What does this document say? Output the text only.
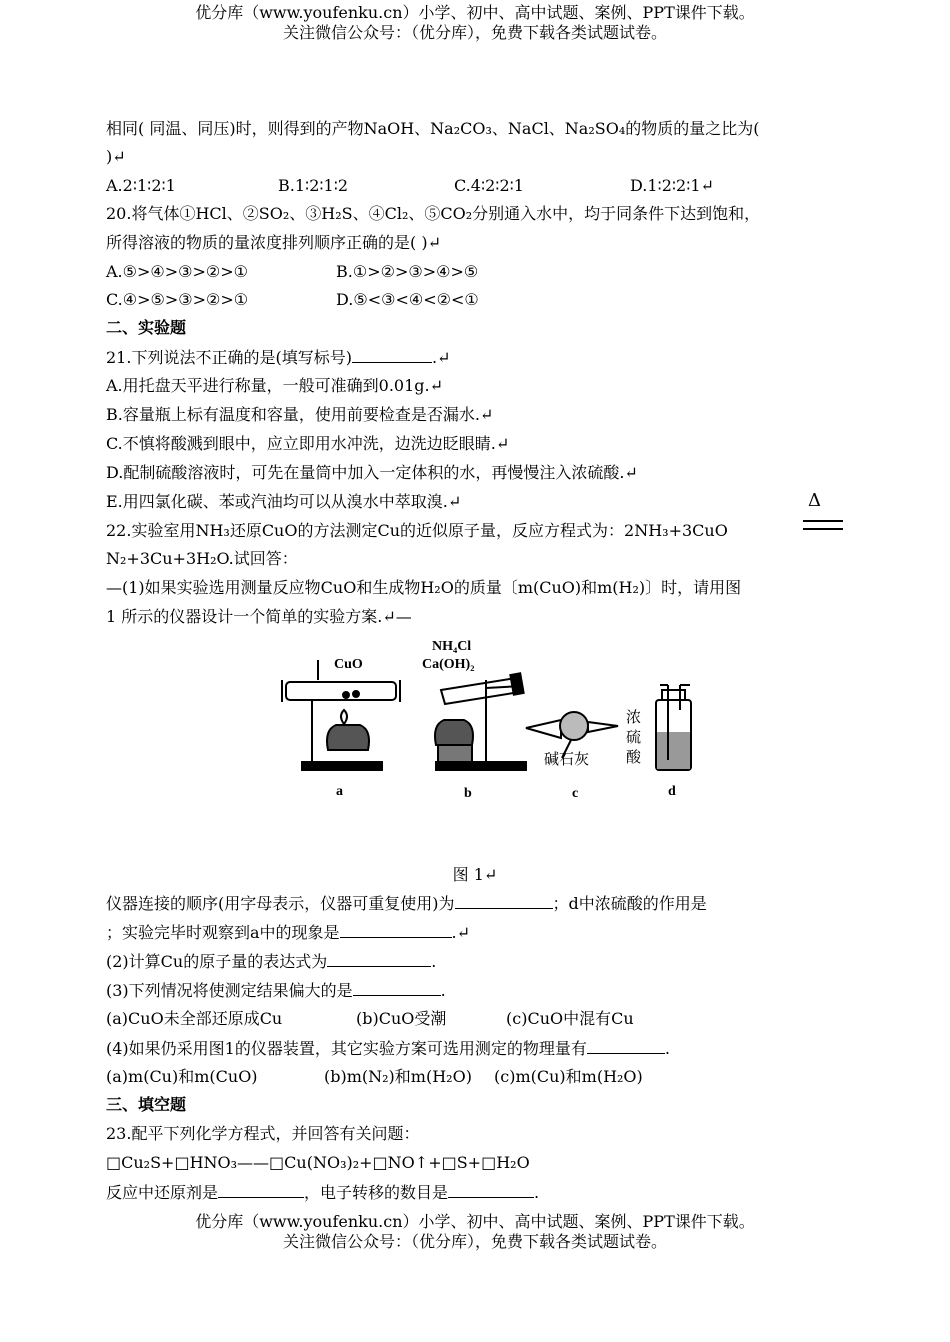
优分库（www.youfenku.cn）小学、初中、高中试题、案例、PPT课件下载。
关注微信公众号：（优分库），免费下载各类试题试卷。
相同( 同温、同压)时，则得到的产物NaOH、Na₂CO₃、NaCl、Na₂SO₄的物质的量之比为(
)↵
A.2∶1∶2∶1	B.1∶2∶1∶2	C.4∶2∶2∶1	D.1∶2∶2∶1↵
20.将气体①HCl、②SO₂、③H₂S、④Cl₂、⑤CO₂分别通入水中，均于同条件下达到饱和，
所得溶液的物质的量浓度排列顺序正确的是( )↵
A.⑤>④>③>②>①	B.①>②>③>④>⑤
C.④>⑤>③>②>①	D.⑤<③<④<②<①
二、实验题
21.下列说法不正确的是(填写标号)	.↵
A.用托盘天平进行称量，一般可准确到0.01g.↵
B.容量瓶上标有温度和容量，使用前要检查是否漏水.↵
C.不慎将酸溅到眼中，应立即用水冲洗，边洗边眨眼睛.↵
D.配制硫酸溶液时，可先在量筒中加入一定体积的水，再慢慢注入浓硫酸.↵
E.用四氯化碳、苯或汽油均可以从溴水中萃取溴.↵
22.实验室用NH₃还原CuO的方法测定Cu的近似原子量，反应方程式为：2NH₃+3CuO
Δ
N₂+3Cu+3H₂O.试回答：
—(1)如果实验选用测量反应物CuO和生成物H₂O的质量〔m(CuO)和m(H₂)〕时，请用图
1 所示的仪器设计一个简单的实验方案.↵—
CuO
NH₄Cl
Ca(OH)₂
碱石灰
浓
硫
酸
a	b	c	d
图 1↵
仪器连接的顺序(用字母表示，仪器可重复使用)为	；d中浓硫酸的作用是
；实验完毕时观察到a中的现象是	.↵
(2)计算Cu的原子量的表达式为	.
(3)下列情况将使测定结果偏大的是	.
(a)CuO未全部还原成Cu	(b)CuO受潮	(c)CuO中混有Cu
(4)如果仍采用图1的仪器装置，其它实验方案可选用测定的物理量有	.
(a)m(Cu)和m(CuO)	(b)m(N₂)和m(H₂O) (c)m(Cu)和m(H₂O)
三、填空题
23.配平下列化学方程式，并回答有关问题：
□Cu₂S+□HNO₃——□Cu(NO₃)₂+□NO↑+□S+□H₂O
反应中还原剂是	，电子转移的数目是	.
优分库（www.youfenku.cn）小学、初中、高中试题、案例、PPT课件下载。
关注微信公众号：（优分库），免费下载各类试题试卷。
